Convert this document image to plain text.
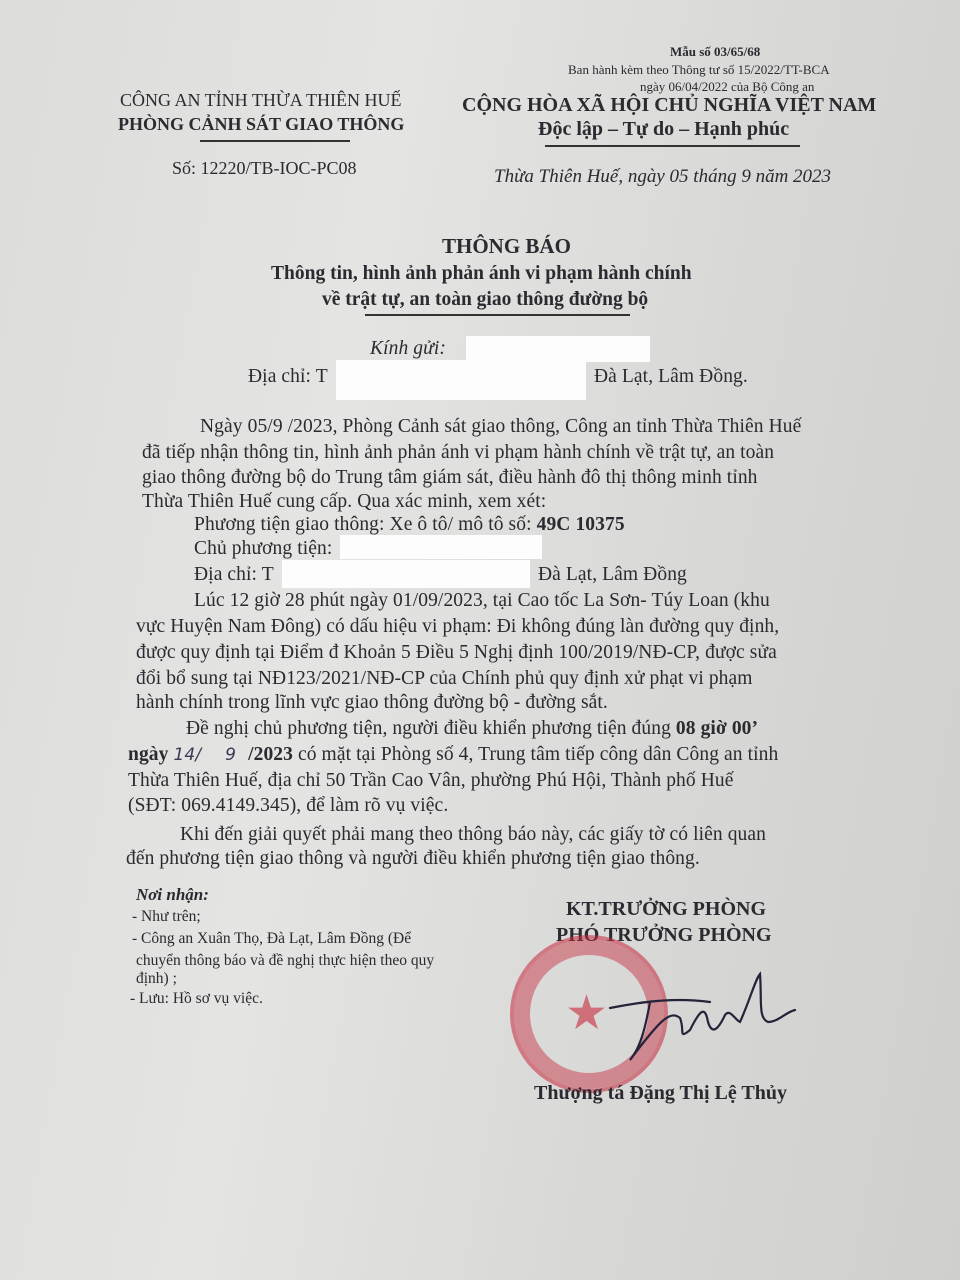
Mẫu số 03/65/68
Ban hành kèm theo Thông tư số 15/2022/TT-BCA
ngày 06/04/2022 của Bộ Công an
CÔNG AN TỈNH THỪA THIÊN HUẾ
PHÒNG CẢNH SÁT GIAO THÔNG
Số: 12220/TB-IOC-PC08
CỘNG HÒA XÃ HỘI CHỦ NGHĨA VIỆT NAM
Độc lập – Tự do – Hạnh phúc
Thừa Thiên Huế, ngày 05 tháng 9 năm 2023
THÔNG BÁO
Thông tin, hình ảnh phản ánh vi phạm hành chính
về trật tự, an toàn giao thông đường bộ
Kính gửi:
Địa chỉ: T	Đà Lạt, Lâm Đồng.
Ngày 05/9 /2023, Phòng Cảnh sát giao thông, Công an tỉnh Thừa Thiên Huế
đã tiếp nhận thông tin, hình ảnh phản ánh vi phạm hành chính về trật tự, an toàn
giao thông đường bộ do Trung tâm giám sát, điều hành đô thị thông minh tỉnh
Thừa Thiên Huế cung cấp. Qua xác minh, xem xét:
Phương tiện giao thông: Xe ô tô/ mô tô số: 49C 10375
Chủ phương tiện:
Địa chỉ: T	Đà Lạt, Lâm Đồng
Lúc 12 giờ 28 phút ngày 01/09/2023, tại Cao tốc La Sơn- Túy Loan (khu
vực Huyện Nam Đông) có dấu hiệu vi phạm: Đi không đúng làn đường quy định,
được quy định tại Điểm đ Khoản 5 Điều 5 Nghị định 100/2019/NĐ-CP, được sửa
đổi bổ sung tại NĐ123/2021/NĐ-CP của Chính phủ quy định xử phạt vi phạm
hành chính trong lĩnh vực giao thông đường bộ - đường sắt.
Đề nghị chủ phương tiện, người điều khiển phương tiện đúng 08 giờ 00’
ngày 14/ 9 /2023 có mặt tại Phòng số 4, Trung tâm tiếp công dân Công an tỉnh
Thừa Thiên Huế, địa chỉ 50 Trần Cao Vân, phường Phú Hội, Thành phố Huế
(SĐT: 069.4149.345), để làm rõ vụ việc.
Khi đến giải quyết phải mang theo thông báo này, các giấy tờ có liên quan
đến phương tiện giao thông và người điều khiển phương tiện giao thông.
Nơi nhận:
- Như trên;
- Công an Xuân Thọ, Đà Lạt, Lâm Đồng (Để
chuyển thông báo và đề nghị thực hiện theo quy
định) ;
- Lưu: Hồ sơ vụ việc.
KT.TRƯỞNG PHÒNG
PHÓ TRƯỞNG PHÒNG
★
Thượng tá Đặng Thị Lệ Thủy
